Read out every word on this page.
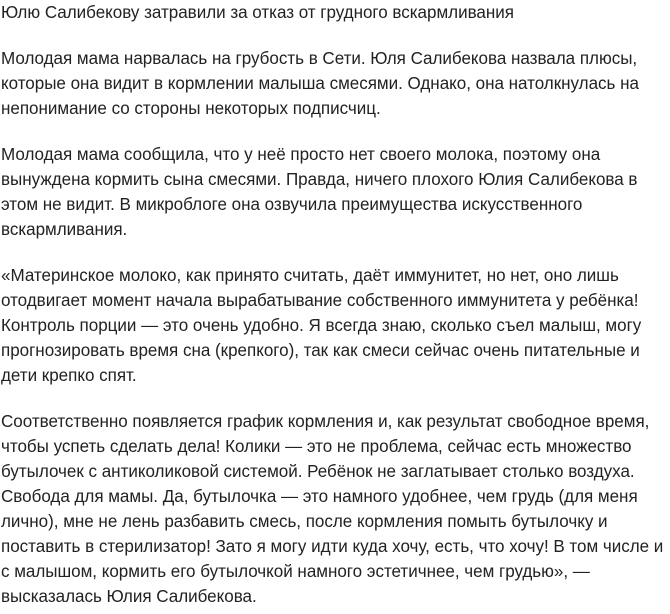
Юлю Салибекову затравили за отказ от грудного вскармливания

Молодая мама нарвалась на грубость в Сети. Юля Салибекова назвала плюсы,
которые она видит в кормлении малыша смесями. Однако, она натолкнулась на
непонимание со стороны некоторых подписчиц.

Молодая мама сообщила, что у неё просто нет своего молока, поэтому она
вынуждена кормить сына смесями. Правда, ничего плохого Юлия Салибекова в
этом не видит. В микроблоге она озвучила преимущества искусственного
вскармливания.

«Материнское молоко, как принято считать, даёт иммунитет, но нет, оно лишь
отодвигает момент начала вырабатывание собственного иммунитета у ребёнка!
Контроль порции — это очень удобно. Я всегда знаю, сколько съел малыш, могу
прогнозировать время сна (крепкого), так как смеси сейчас очень питательные и
дети крепко спят.

Соответственно появляется график кормления и, как результат свободное время,
чтобы успеть сделать дела! Колики — это не проблема, сейчас есть множество
бутылочек с антиколиковой системой. Ребёнок не заглатывает столько воздуха.
Свобода для мамы. Да, бутылочка — это намного удобнее, чем грудь (для меня
лично), мне не лень разбавить смесь, после кормления помыть бутылочку и
поставить в стерилизатор! Зато я могу идти куда хочу, есть, что хочу! В том числе и
с малышом, кормить его бутылочкой намного эстетичнее, чем грудью», —
высказалась Юлия Салибекова.
